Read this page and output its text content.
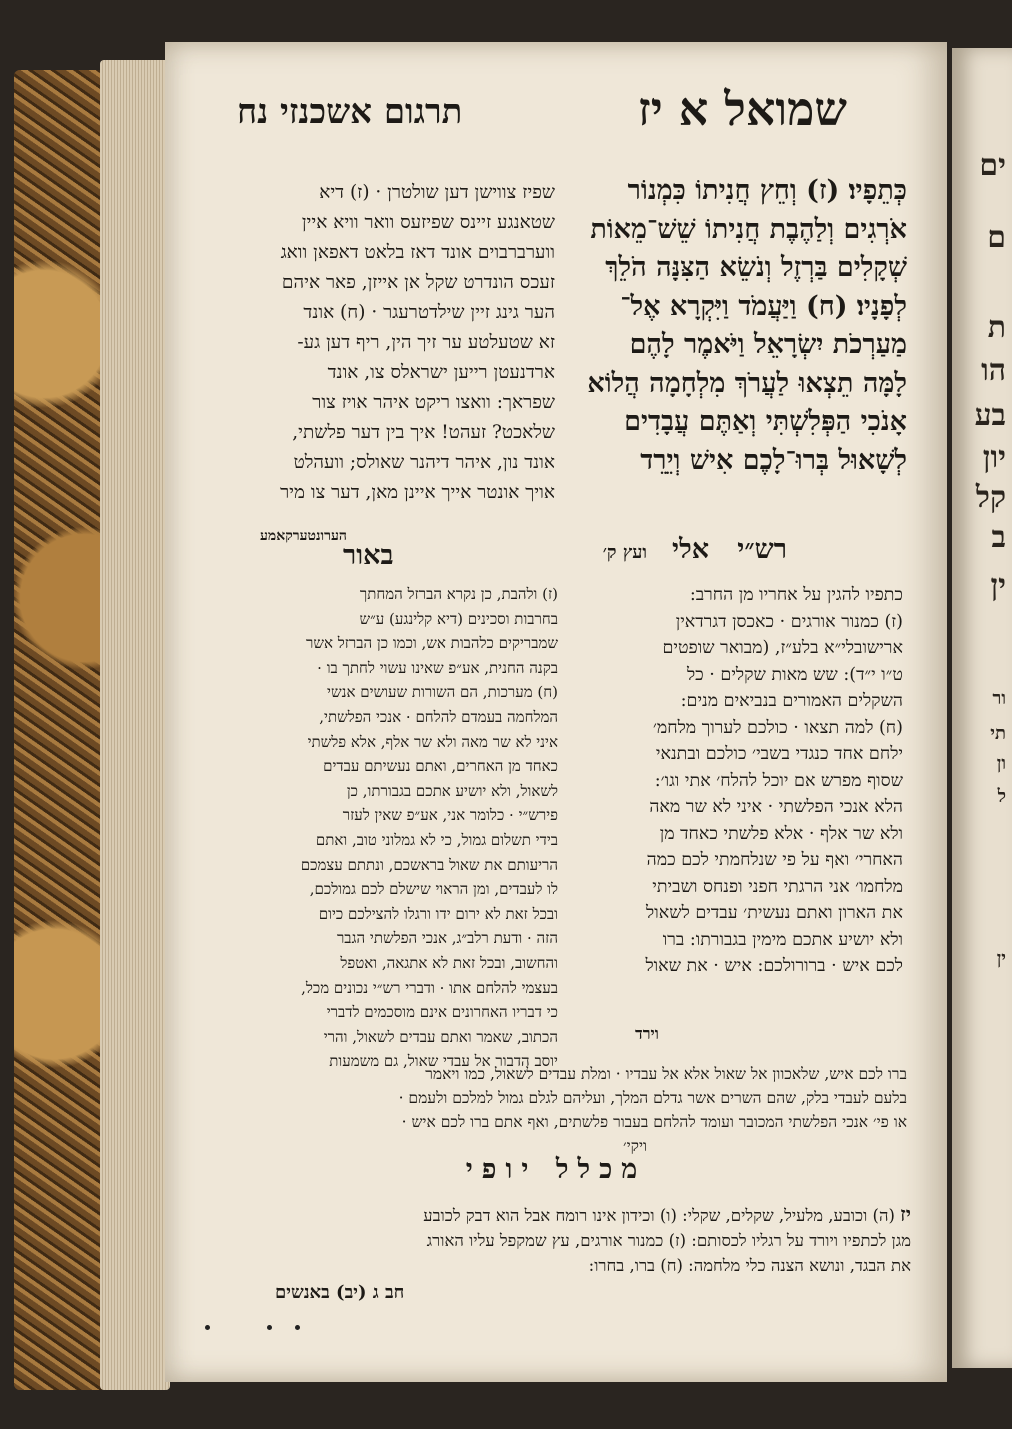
שמואל א יז
תרגום אשכנזי נח
כְּתֵפָיו׃ (ז) וְחֵץ חֲנִיתוֹ כִּמְנוֹר
אֹרְגִים וְלַהֶבֶת חֲנִיתוֹ שֵׁשׁ־מֵאוֹת
שְׁקָלִים בַּרְזֶל וְנֹשֵׂא הַצִּנָּה הֹלֵךְ
לְפָנָיו׃ (ח) וַיַּעֲמֹד וַיִּקְרָא אֶל־
מַעַרְכֹת יִשְׂרָאֵל וַיֹּאמֶר לָהֶם
לָמָּה תֵצְאוּ לַעֲרֹךְ מִלְחָמָה הֲלוֹא
אָנֹכִי הַפְּלִשְׁתִּי וְאַתֶּם עֲבָדִים
לְשָׁאוּל בְּרוּ־לָכֶם אִישׁ וְיֵרֵד
שפיז צווישן דען שולטרן · (ז) דיא
שטאנגע זיינס שפיזעס וואר וויא איין
ווערברבוים אונד דאז בלאט דאפאן וואג
זעכס הונדרט שקל אן אייזן, פאר איהם
הער גינג זיין שילדטרעגר · (ח) אונד
זא שטעלטע ער זיך הין, ריף דען גע-
ארדנעטן רייען ישראלס צו, אונד
שפראך: וואצו ריקט איהר אויז צור
שלאכט? זעהט! איך בין דער פלשתי,
אונד נון, איהר דיהנר שאולס; וועהלט
אויך אונטר אייך איינן מאן, דער צו מיר
הערונטערקאמע
באור	ועץ ק׳	רש״י   אלי
(ז) ולהבת, כן נקרא הברזל המחתך
בחרבות וסכינים (דיא קלינגע) ע״ש
שמבריקים כלהבות אש, וכמו כן הברזל אשר
בקנה החנית, אע״פ שאינו עשוי לחתך בו ·
(ח) מערכות, הם השורות שעושים אנשי
המלחמה בעמדם להלחם · אנכי הפלשתי,
איני לא שר מאה ולא שר אלף, אלא פלשתי
כאחד מן האחרים, ואתם נעשיתם עבדים
לשאול, ולא יושיע אתכם בגבורתו, כן
פירש״י · כלומר אני, אע״פ שאין לעזר
בידי תשלום גמול, כי לא גמלוני טוב, ואתם
הריעותם את שאול בראשכם, ונתתם עצמכם
לו לעבדים, ומן הראוי שישלם לכם גמולכם,
ובכל זאת לא ירום ידו ורגלו להצילכם כיום
הזה · ודעת רלב״ג, אנכי הפלשתי הגבר
והחשוב, ובכל זאת לא אתגאה, ואטפל
בעצמי להלחם אתו · ודברי רש״י נכונים מכל,
כי דבריו האחרונים אינם מוסכמים לדברי
הכתוב, שאמר ואתם עבדים לשאול, והרי
יוסב הדבור אל עבדי שאול, גם משמעות
כתפיו להגין על אחריו מן החרב:
(ז) כמנור אורגים · כאכסן דגרדאין
ארישובלי״א בלע״ז, (מבואר שופטים
ט״ו י״ד): שש מאות שקלים · כל
השקלים האמורים בנביאים מנים:
(ח) למה תצאו · כולכם לערוך מלחמ׳
ילחם אחד כנגדי בשבי׳ כולכם ובתנאי
שסוף מפרש אם יוכל להלח׳ אתי וגו׳:
הלא אנכי הפלשתי · איני לא שר מאה
ולא שר אלף · אלא פלשתי כאחד מן
האחרי׳ ואף על פי שנלחמתי לכם כמה
מלחמו׳ אני הרגתי חפני ופנחס ושביתי
את הארון ואתם נעשית׳ עבדים לשאול
ולא יושיע אתכם מימין בגבורתו: ברו
לכם איש · ברורולכם: איש · את שאול
וירד
ברו לכם איש, שלאכוון אל שאול אלא אל עבדיו · ומלת עבדים לשאול, כמו ויאמר
בלעם לעבדי בלק, שהם השרים אשר גדלם המלך, ועליהם לגלם גמול למלכם ולעמם ·
או פי׳ אנכי הפלשתי המכובר ועומד להלחם בעבור פלשתים, ואף אתם ברו לכם איש ·
ויקי׳
מכלל יופי
יז (ה) וכובע, מלעיל, שקלים, שקלי: (ו) וכידון אינו רומח אבל הוא דבק לכובע
מגן לכתפיו ויורד על רגליו לכסותם: (ז) כמנור אורגים, עץ שמקפל עליו האורג
את הבגד, ונושא הצנה כלי מלחמה: (ח) ברו, בחרו:
חב ג (יב) באנשים
ים
ם
ת
הו
בע
יון
קל
ב
ין
ור
תי
ון
ל
ין
